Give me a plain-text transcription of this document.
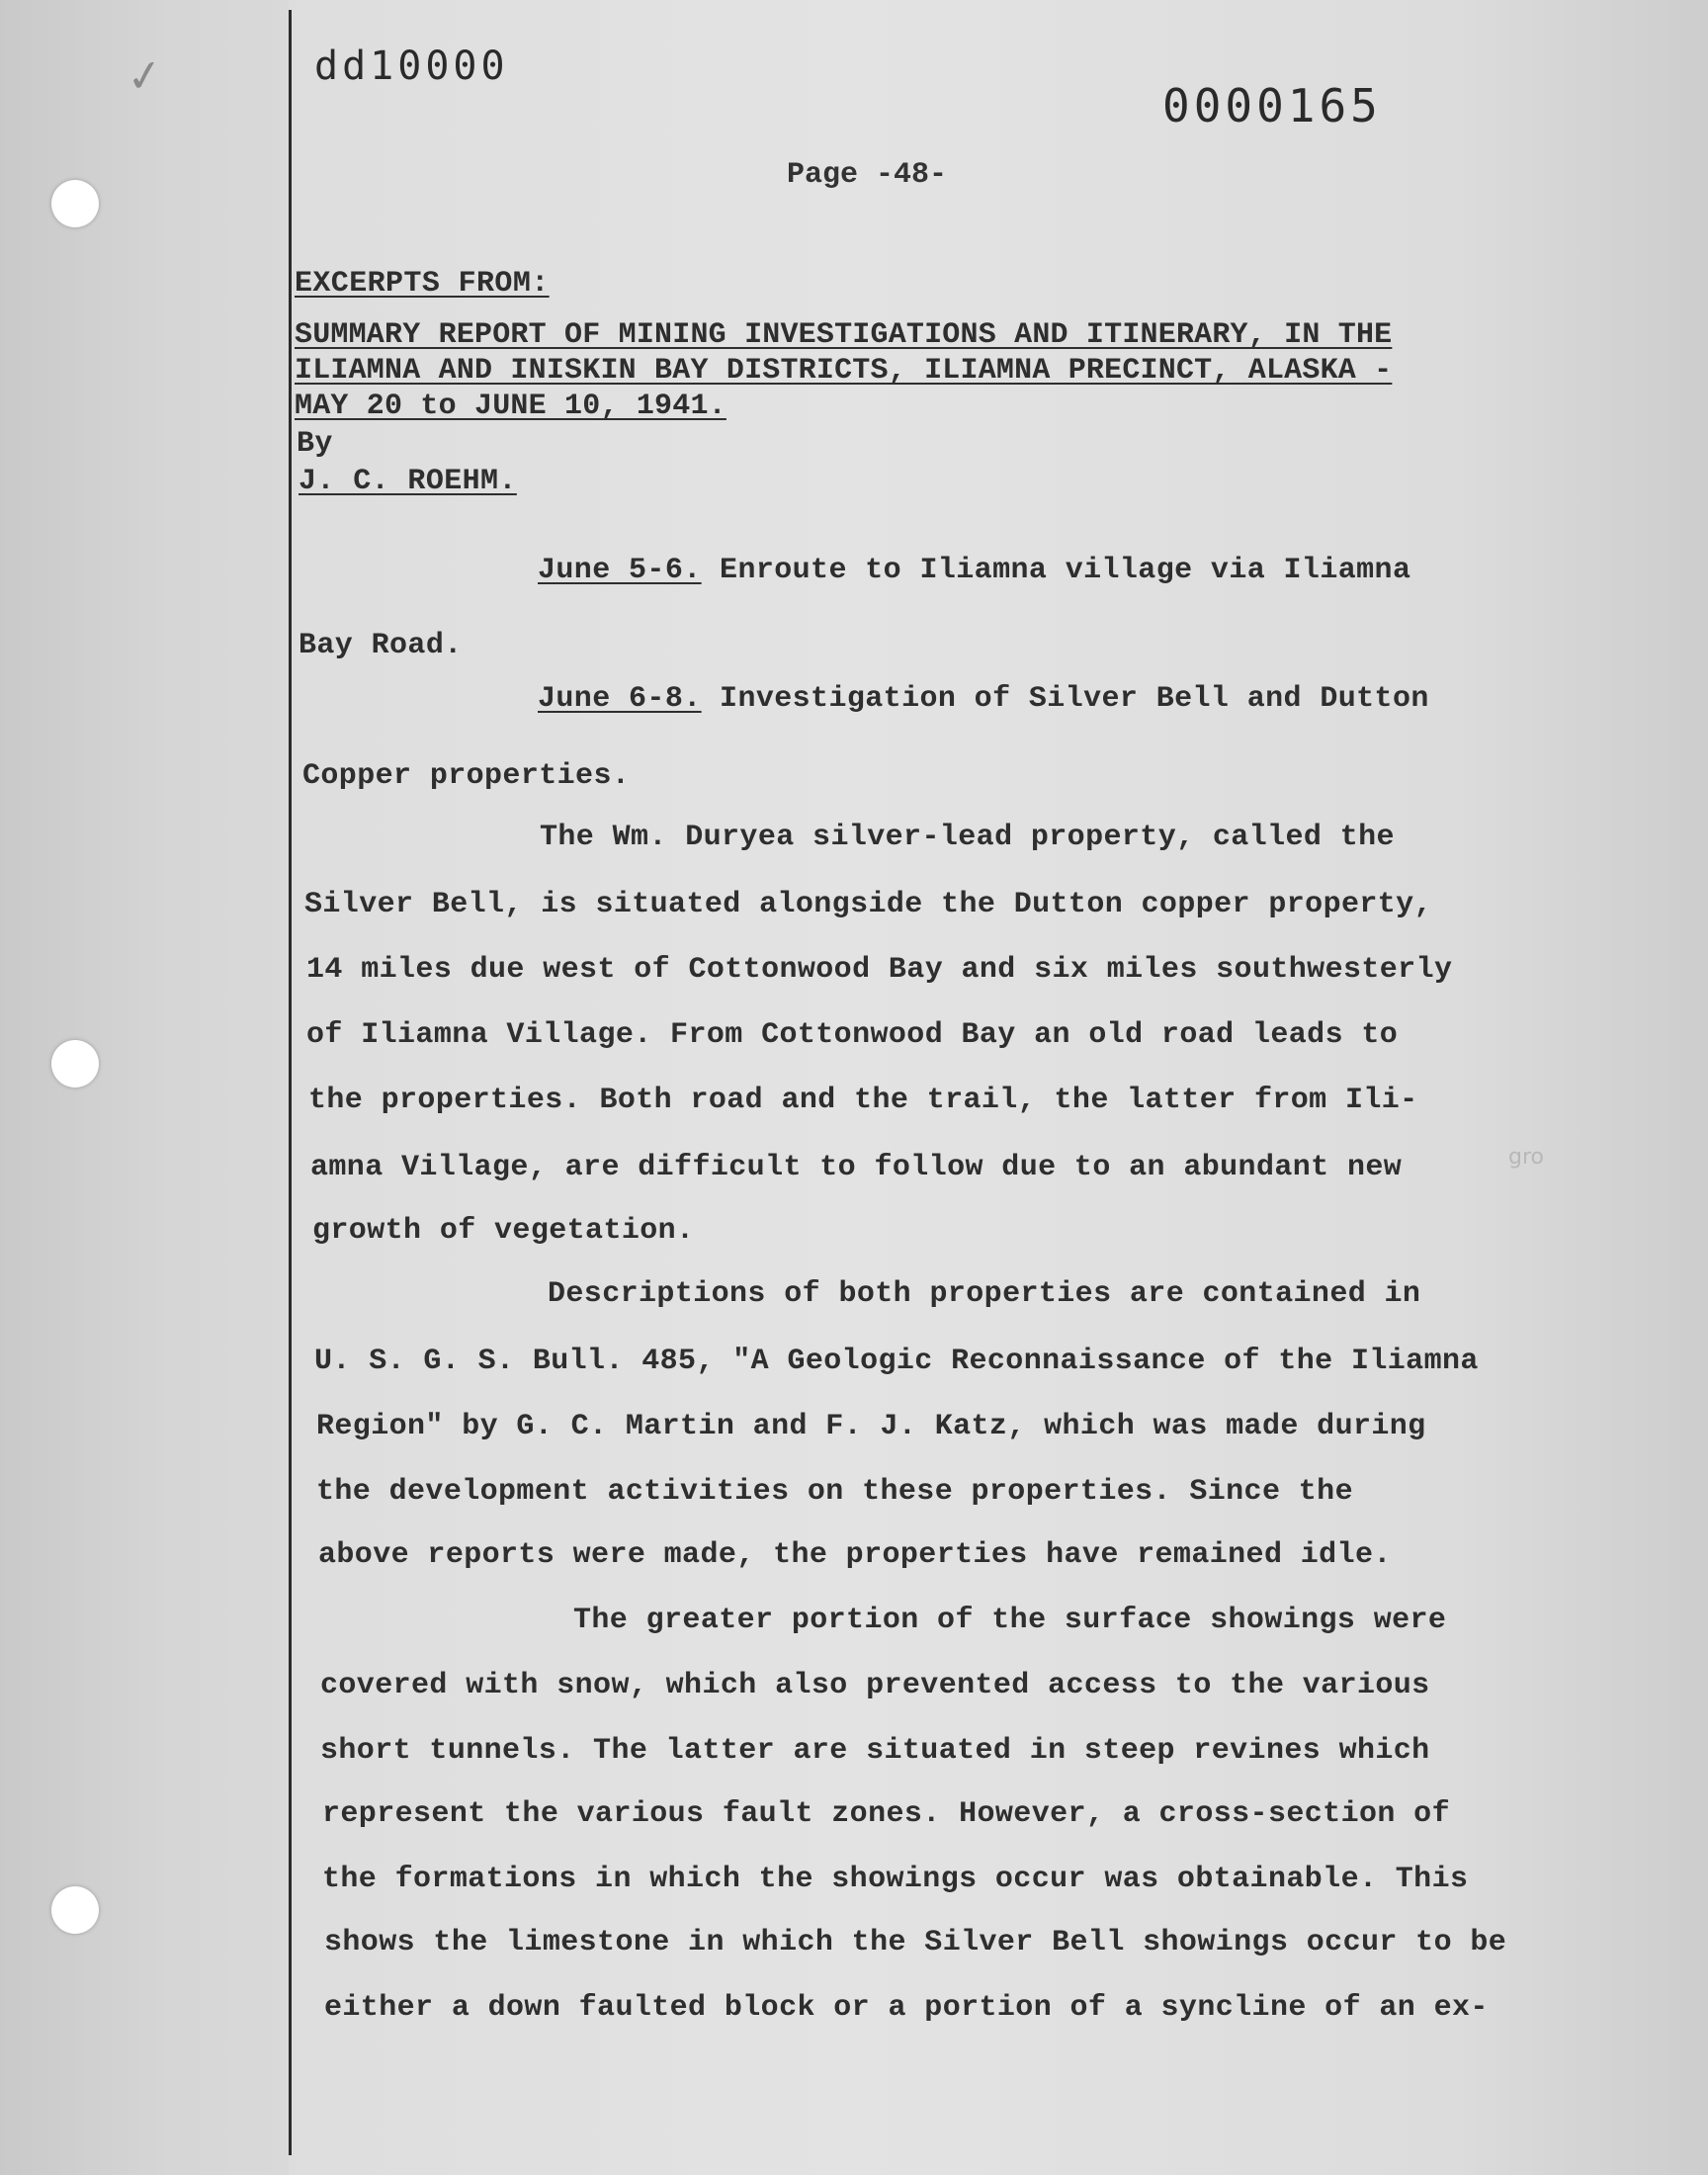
✓	dd10000
0000165
Page -48-
EXCERPTS FROM:
SUMMARY REPORT OF MINING INVESTIGATIONS AND ITINERARY, IN THE
ILIAMNA AND INISKIN BAY DISTRICTS, ILIAMNA PRECINCT, ALASKA -
MAY 20 to JUNE 10, 1941.
By
J. C. ROEHM.
June 5-6. Enroute to Iliamna village via Iliamna
Bay Road.
June 6-8. Investigation of Silver Bell and Dutton
Copper properties.
The Wm. Duryea silver-lead property, called the
Silver Bell, is situated alongside the Dutton copper property,
14 miles due west of Cottonwood Bay and six miles southwesterly
of Iliamna Village. From Cottonwood Bay an old road leads to
the properties. Both road and the trail, the latter from Ili-
amna Village, are difficult to follow due to an abundant new
growth of vegetation.
Descriptions of both properties are contained in
U. S. G. S. Bull. 485, "A Geologic Reconnaissance of the Iliamna
Region" by G. C. Martin and F. J. Katz, which was made during
the development activities on these properties. Since the
above reports were made, the properties have remained idle.
The greater portion of the surface showings were
covered with snow, which also prevented access to the various
short tunnels. The latter are situated in steep revines which
represent the various fault zones. However, a cross-section of
the formations in which the showings occur was obtainable. This
shows the limestone in which the Silver Bell showings occur to be
either a down faulted block or a portion of a syncline of an ex-
gro
